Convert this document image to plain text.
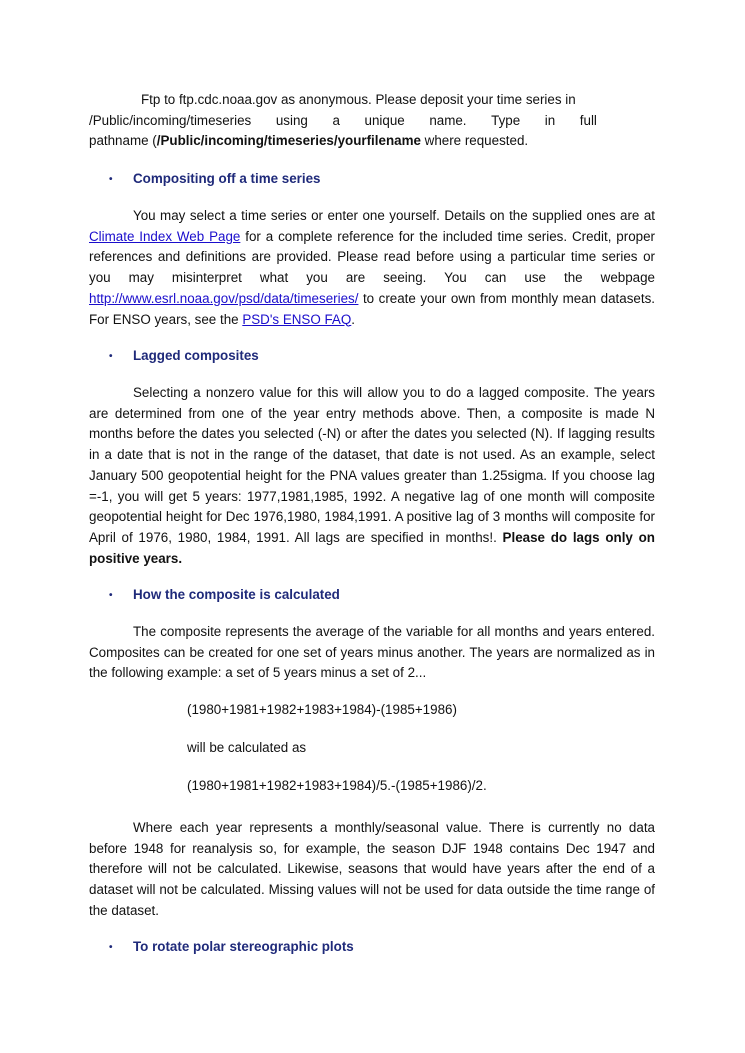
Ftp to ftp.cdc.noaa.gov as anonymous. Please deposit your time series in
/Public/incoming/timeseries using a unique name. Type in full
pathname (/Public/incoming/timeseries/yourfilename where requested.
• Compositing off a time series

You may select a time series or enter one yourself. Details on the supplied ones are at Climate Index Web Page for a complete reference for the included time series. Credit, proper references and definitions are provided. Please read before using a particular time series or you may misinterpret what you are seeing. You can use the webpage http://www.esrl.noaa.gov/psd/data/timeseries/ to create your own from monthly mean datasets. For ENSO years, see the PSD's ENSO FAQ.

• Lagged composites

Selecting a nonzero value for this will allow you to do a lagged composite. The years are determined from one of the year entry methods above. Then, a composite is made N months before the dates you selected (-N) or after the dates you selected (N). If lagging results in a date that is not in the range of the dataset, that date is not used. As an example, select January 500 geopotential height for the PNA values greater than 1.25sigma. If you choose lag =-1, you will get 5 years: 1977,1981,1985, 1992. A negative lag of one month will composite geopotential height for Dec 1976,1980, 1984,1991. A positive lag of 3 months will composite for April of 1976, 1980, 1984, 1991. All lags are specified in months!. Please do lags only on positive years.

• How the composite is calculated

The composite represents the average of the variable for all months and years entered. Composites can be created for one set of years minus another. The years are normalized as in the following example: a set of 5 years minus a set of 2...

(1980+1981+1982+1983+1984)-(1985+1986)
will be calculated as
(1980+1981+1982+1983+1984)/5.-(1985+1986)/2.

Where each year represents a monthly/seasonal value. There is currently no data before 1948 for reanalysis so, for example, the season DJF 1948 contains Dec 1947 and therefore will not be calculated. Likewise, seasons that would have years after the end of a dataset will not be calculated. Missing values will not be used for data outside the time range of the dataset.

• To rotate polar stereographic plots
